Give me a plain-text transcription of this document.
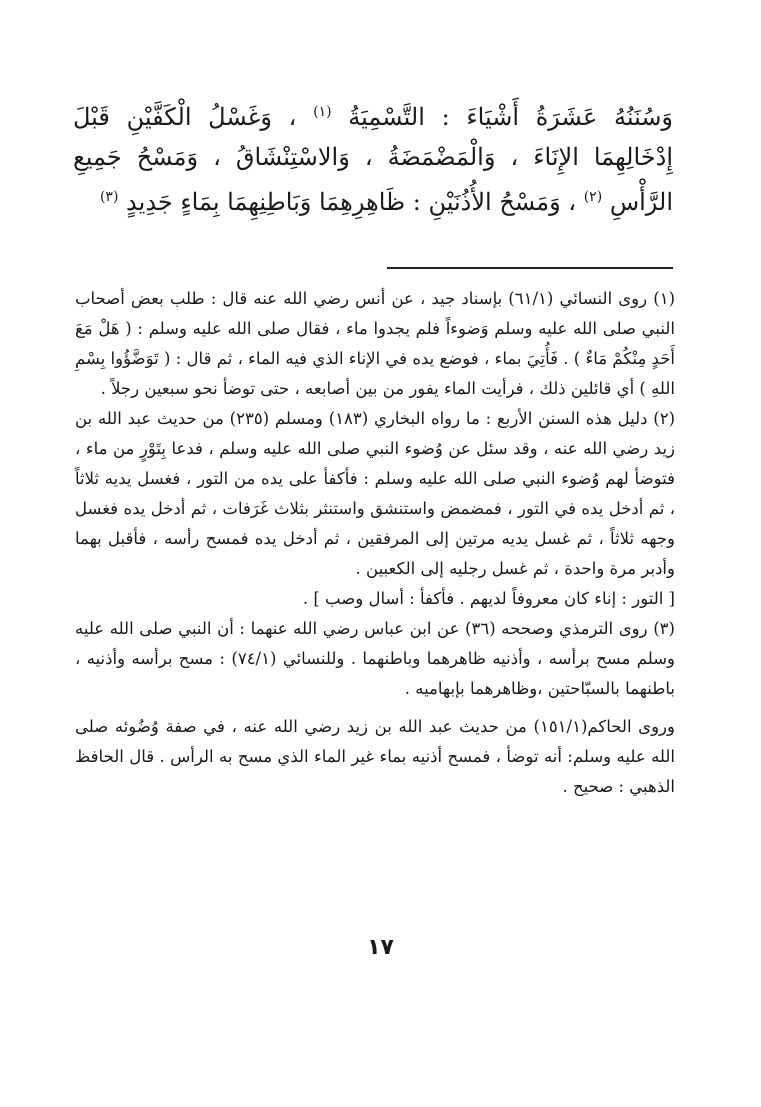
وَسُنَنُهُ عَشَرَةُ أَشْيَاءَ : التَّسْمِيَةُ $^{(١)}$ ، وَغَسْلُ الْكَفَّيْنِ قَبْلَ إِدْخَالِهِمَا الإِنَاءَ ، وَالْمَضْمَضَةُ ، وَالاسْتِنْشَاقُ ، وَمَسْحُ جَمِيعِ الرَّأْسِ $^{(٢)}$ ، وَمَسْحُ الأُذُنَيْنِ : ظَاهِرِهِمَا وَبَاطِنِهِمَا بِمَاءٍ جَدِيدٍ $^{(٣)}$

(١) روى النسائي (٦١/١) بإسناد جيد ، عن أنس رضي الله عنه قال : طلب بعض أصحاب النبي صلى الله عليه وسلم وَضوءاً فلم يجدوا ماء ، فقال صلى الله عليه وسلم : ( هَلْ مَعَ أَحَدٍ مِنْكُمْ مَاءٌ ) . فَأُتِيَ بماء ، فوضع يده في الإناء الذي فيه الماء ، ثم قال : ( تَوَضَّؤُوا بِسْمِ اللهِ ) أي قائلين ذلك ، فرأيت الماء يفور من بين أصابعه ، حتى توضأ نحو سبعين رجلاً .

(٢) دليل هذه السنن الأربع : ما رواه البخاري (١٨٣) ومسلم (٢٣٥) من حديث عبد الله بن زيد رضي الله عنه ، وقد سئل عن وُضوء النبي صلى الله عليه وسلم ، فدعا بِتَوْرٍ من ماء ، فتوضأ لهم وُضوء النبي صلى الله عليه وسلم : فأكفأ على يده من التور ، فغسل يديه ثلاثاً ، ثم أدخل يده في التور ، فمضمض واستنشق واستنثر بثلاث غَرَفات ، ثم أدخل يده فغسل وجهه ثلاثاً ، ثم غسل يديه مرتين إلى المرفقين ، ثم أدخل يده فمسح رأسه ، فأقبل بهما وأدبر مرة واحدة ، ثم غسل رجليه إلى الكعبين .

[ التور : إناء كان معروفاً لديهم . فأكفأ : أسال وصب ] .

(٣) روى الترمذي وصححه (٣٦) عن ابن عباس رضي الله عنهما : أن النبي صلى الله عليه وسلم مسح برأسه ، وأذنيه ظاهرهما وباطنهما . وللنسائي (٧٤/١) : مسح برأسه وأذنيه ، باطنهما بالسبّاحتين ،وظاهرهما بإبهاميه .

وروى الحاكم(١٥١/١) من حديث عبد الله بن زيد رضي الله عنه ، في صفة وُضُوئه صلى الله عليه وسلم: أنه توضأ ، فمسح أذنيه بماء غير الماء الذي مسح به الرأس . قال الحافظ الذهبي : صحيح .

١٧
